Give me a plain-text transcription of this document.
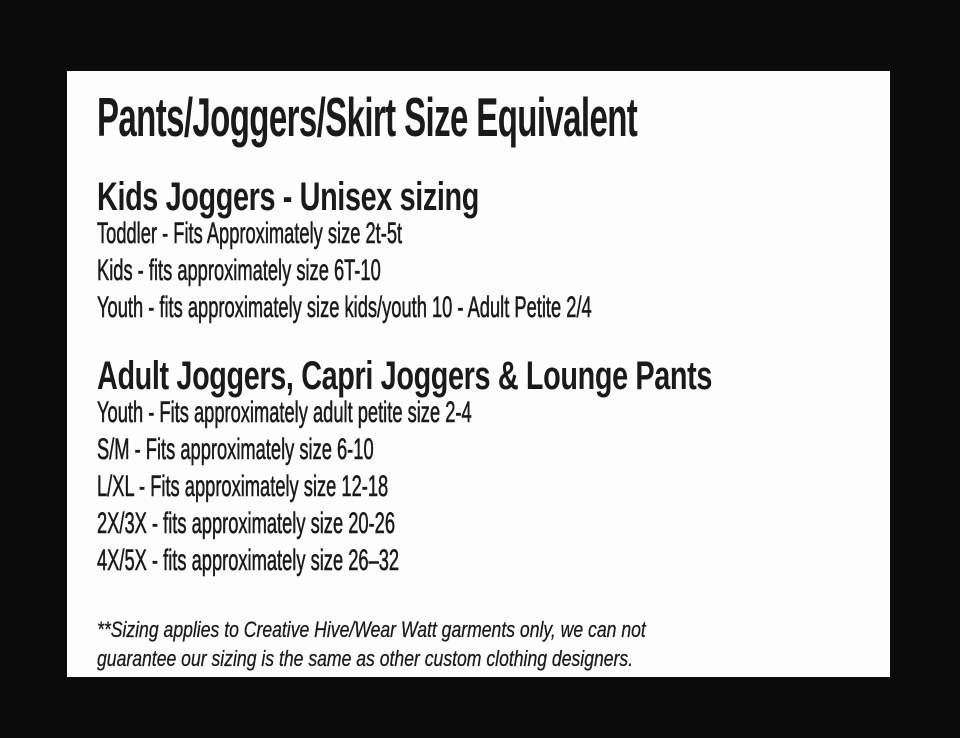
Pants/Joggers/Skirt Size Equivalent
Kids Joggers - Unisex sizing
Toddler - Fits Approximately size 2t-5t
Kids - fits approximately size 6T-10
Youth - fits approximately size kids/youth 10 - Adult Petite 2/4
Adult Joggers, Capri Joggers & Lounge Pants
Youth - Fits approximately adult petite size 2-4
S/M - Fits approximately size 6-10
L/XL - Fits approximately size 12-18
2X/3X - fits approximately size 20-26
4X/5X - fits approximately size 26–32
**Sizing applies to Creative Hive/Wear Watt garments only, we can not
guarantee our sizing is the same as other custom clothing designers.
